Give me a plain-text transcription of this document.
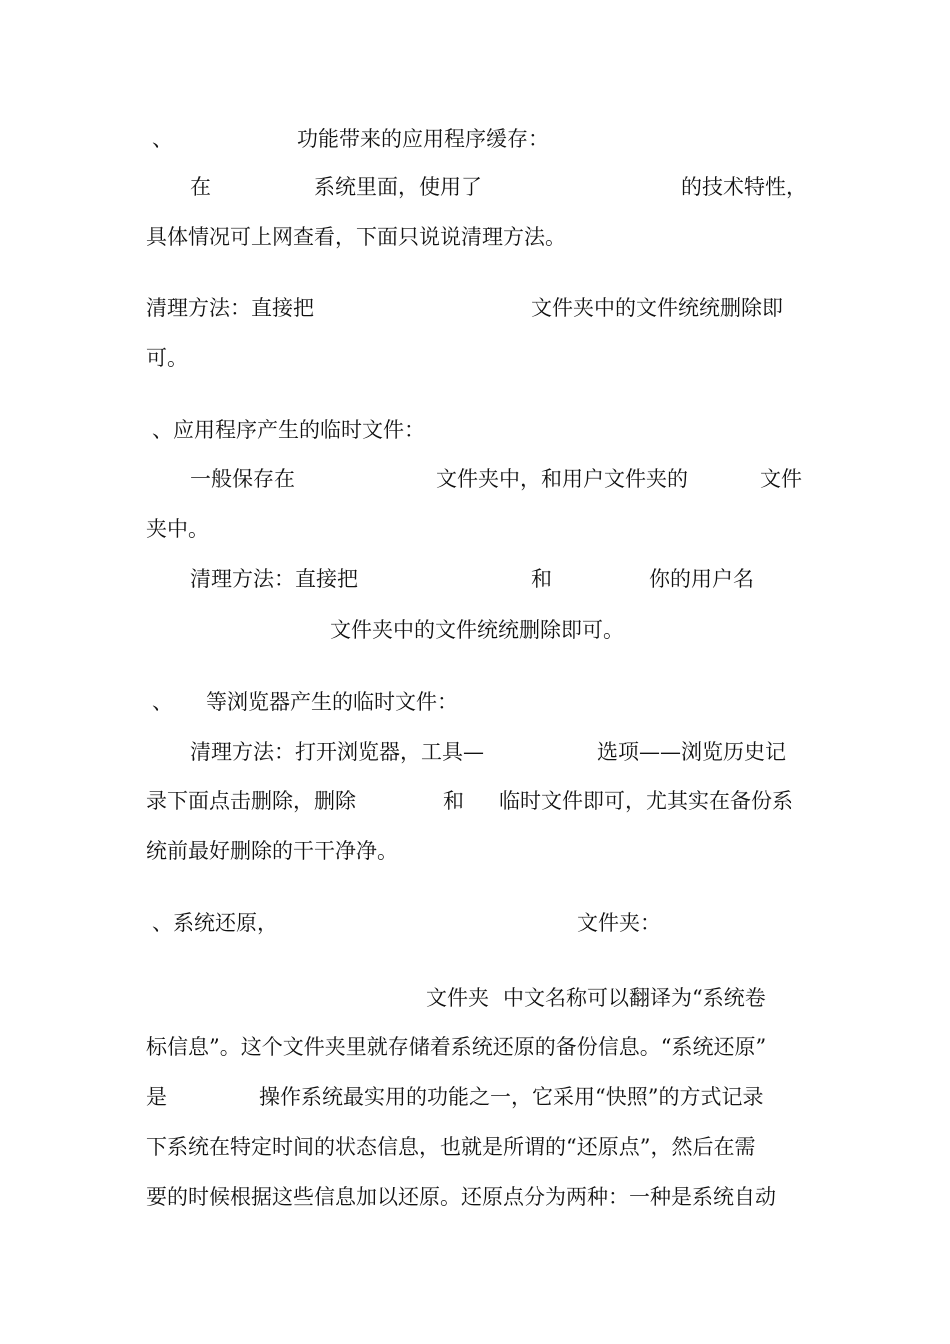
、	功能带来的应用程序缓存：
在	系统里面，使用了	的技术特性，
具体情况可上网查看，下面只说说清理方法。
清理方法：直接把	文件夹中的文件统统删除即
可。
、应用程序产生的临时文件：
一般保存在	文件夹中，和用户文件夹的	文件
夹中。
清理方法：直接把	和	你的用户名
文件夹中的文件统统删除即可。
、 等浏览器产生的临时文件：
清理方法：打开浏览器，工具—	选项——浏览历史记
录下面点击删除，删除	和 临时文件即可，尤其实在备份系
统前最好删除的干干净净。
、系统还原，	文件夹：
文件夹 中文名称可以翻译为“系统卷
标信息”。这个文件夹里就存储着系统还原的备份信息。“系统还原”
是	操作系统最实用的功能之一，它采用“快照”的方式记录
下系统在特定时间的状态信息，也就是所谓的“还原点”，然后在需
要的时候根据这些信息加以还原。还原点分为两种：一种是系统自动
